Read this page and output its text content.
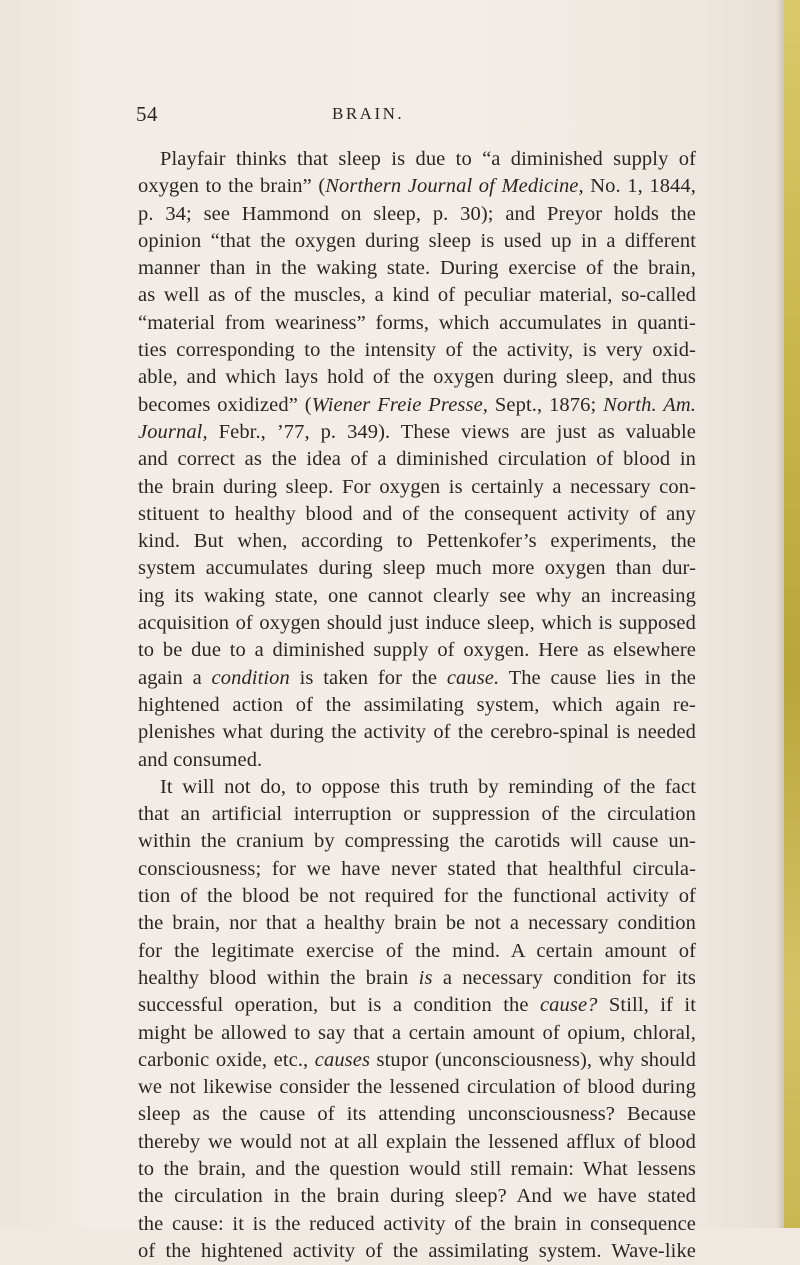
54	BRAIN.
Playfair thinks that sleep is due to “a diminished supply of
oxygen to the brain” (Northern Journal of Medicine, No. 1, 1844,
p. 34; see Hammond on sleep, p. 30); and Preyor holds the
opinion “that the oxygen during sleep is used up in a different
manner than in the waking state. During exercise of the brain,
as well as of the muscles, a kind of peculiar material, so-called
“material from weariness” forms, which accumulates in quanti-
ties corresponding to the intensity of the activity, is very oxid-
able, and which lays hold of the oxygen during sleep, and thus
becomes oxidized” (Wiener Freie Presse, Sept., 1876; North. Am.
Journal, Febr., ’77, p. 349). These views are just as valuable
and correct as the idea of a diminished circulation of blood in
the brain during sleep. For oxygen is certainly a necessary con-
stituent to healthy blood and of the consequent activity of any
kind. But when, according to Pettenkofer’s experiments, the
system accumulates during sleep much more oxygen than dur-
ing its waking state, one cannot clearly see why an increasing
acquisition of oxygen should just induce sleep, which is supposed
to be due to a diminished supply of oxygen. Here as elsewhere
again a condition is taken for the cause. The cause lies in the
hightened action of the assimilating system, which again re-
plenishes what during the activity of the cerebro-spinal is needed
and consumed.
It will not do, to oppose this truth by reminding of the fact
that an artificial interruption or suppression of the circulation
within the cranium by compressing the carotids will cause un-
consciousness; for we have never stated that healthful circula-
tion of the blood be not required for the functional activity of
the brain, nor that a healthy brain be not a necessary condition
for the legitimate exercise of the mind. A certain amount of
healthy blood within the brain is a necessary condition for its
successful operation, but is a condition the cause? Still, if it
might be allowed to say that a certain amount of opium, chloral,
carbonic oxide, etc., causes stupor (unconsciousness), why should
we not likewise consider the lessened circulation of blood during
sleep as the cause of its attending unconsciousness? Because
thereby we would not at all explain the lessened afflux of blood
to the brain, and the question would still remain: What lessens
the circulation in the brain during sleep? And we have stated
the cause: it is the reduced activity of the brain in consequence
of the hightened activity of the assimilating system. Wave-like
